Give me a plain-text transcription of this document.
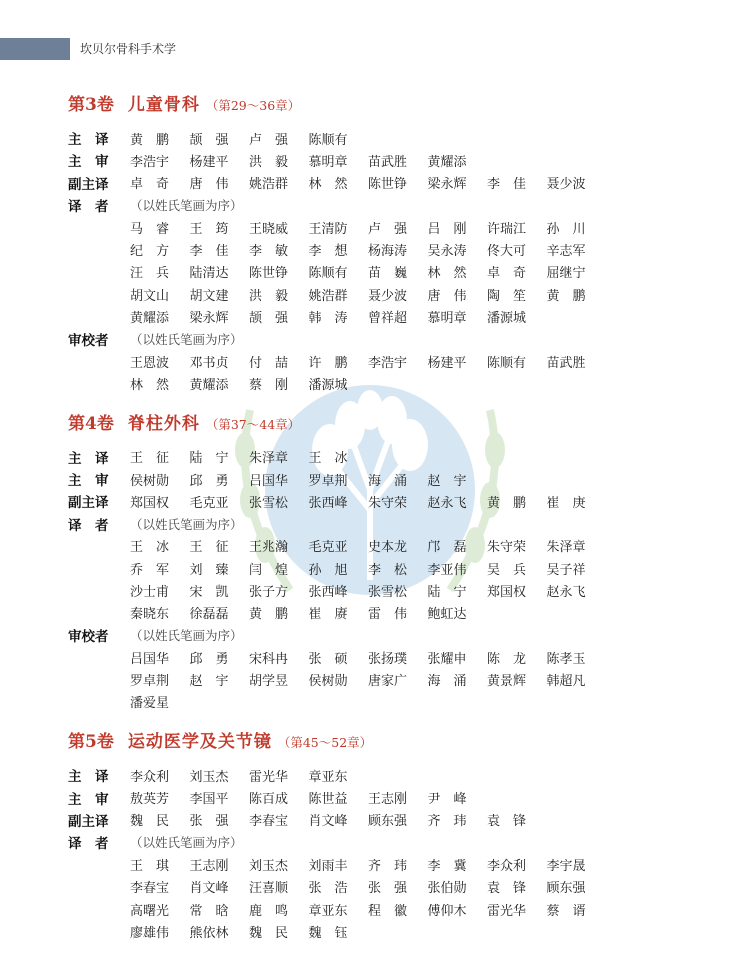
坎贝尔骨科手术学
第3卷 儿童骨科 （第29～36章）
主　译	黄　鹏	颉　强	卢　强	陈顺有
主　审	李浩宇	杨建平	洪　毅	慕明章	苗武胜	黄耀添
副主译	卓　奇	唐　伟	姚浩群	林　然	陈世铮	梁永辉	李　佳	聂少波
译　者	（以姓氏笔画为序）
马　睿	王　筠	王晓威	王清防	卢　强	吕　刚	许瑞江	孙　川
纪　方	李　佳	李　敏	李　想	杨海涛	吴永涛	佟大可	辛志军
汪　兵	陆清达	陈世铮	陈顺有	苗　巍	林　然	卓　奇	屈继宁
胡文山	胡文建	洪　毅	姚浩群	聂少波	唐　伟	陶　笙	黄　鹏
黄耀添	梁永辉	颉　强	韩　涛	曾祥超	慕明章	潘源城
审校者	（以姓氏笔画为序）
王恩波	邓书贞	付　喆	许　鹏	李浩宇	杨建平	陈顺有	苗武胜
林　然	黄耀添	蔡　刚	潘源城
第4卷 脊柱外科 （第37～44章）
主　译	王　征	陆　宁	朱泽章	王　冰
主　审	侯树勋	邱　勇	吕国华	罗卓荆	海　涌	赵　宇
副主译	郑国权	毛克亚	张雪松	张西峰	朱守荣	赵永飞	黄　鹏	崔　庚
译　者	（以姓氏笔画为序）
王　冰	王　征	王兆瀚	毛克亚	史本龙	邝　磊	朱守荣	朱泽章
乔　军	刘　臻	闫　煌	孙　旭	李　松	李亚伟	吴　兵	吴子祥
沙士甫	宋　凯	张子方	张西峰	张雪松	陆　宁	郑国权	赵永飞
秦晓东	徐磊磊	黄　鹏	崔　赓	雷　伟	鲍虹达
审校者	（以姓氏笔画为序）
吕国华	邱　勇	宋科冉	张　硕	张扬璞	张耀申	陈　龙	陈孝玉
罗卓荆	赵　宇	胡学昱	侯树勋	唐家广	海　涌	黄景辉	韩超凡
潘爱星
第5卷 运动医学及关节镜 （第45～52章）
主　译	李众利	刘玉杰	雷光华	章亚东
主　审	敖英芳	李国平	陈百成	陈世益	王志刚	尹　峰
副主译	魏　民	张　强	李春宝	肖文峰	顾东强	齐　玮	袁　锋
译　者	（以姓氏笔画为序）
王　琪	王志刚	刘玉杰	刘雨丰	齐　玮	李　冀	李众利	李宇晟
李春宝	肖文峰	汪喜顺	张　浩	张　强	张伯勋	袁　锋	顾东强
高曙光	常　晗	鹿　鸣	章亚东	程　徽	傅仰木	雷光华	蔡　谞
廖雄伟	熊依林	魏　民	魏　钰
